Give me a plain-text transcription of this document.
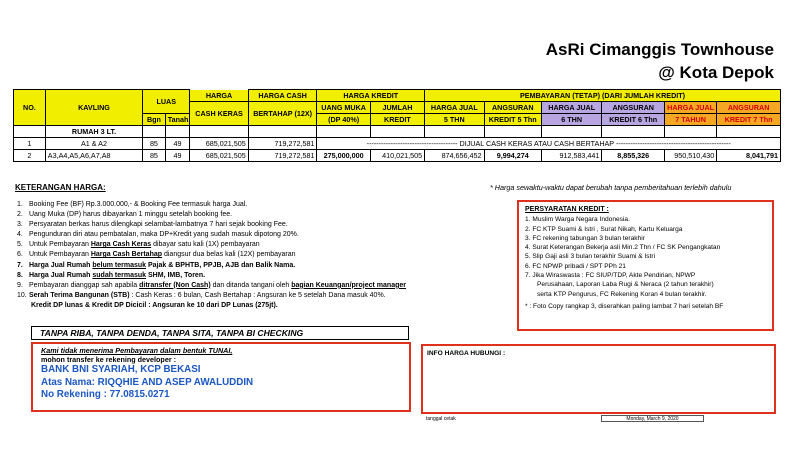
AsRi Cimanggis Townhouse
@ Kota Depok
NO.	KAVLING	LUAS		HARGA	HARGA CASH	HARGA KREDIT		PEMBAYARAN (TETAP) (DARI JUMLAH KREDIT)					
				CASH KERAS	BERTAHAP (12X)	UANG MUKA	JUMLAH	HARGA JUAL	ANGSURAN	HARGA JUAL	ANGSURAN	HARGA JUAL	ANGSURAN
		Bgn	Tanah			(DP 40%)	KREDIT	5 THN	KREDIT 5 Thn	6 THN	KREDIT 6 Thn	7 TAHUN	KREDIT 7 Thn
	RUMAH 3 LT.												
1	A1 & A2	85	49	685,021,505	719,272,581	-------------------------------------- DIJUAL CASH KERAS ATAU CASH BERTAHAP ------------------------------------------------							
2	A3,A4,A5,A6,A7,A8	85	49	685,021,505	719,272,581	275,000,000	410,021,505	874,656,452	9,994,274	912,583,441	8,855,326	950,510,430	8,041,791
KETERANGAN HARGA:	* Harga sewaktu-waktu dapat berubah tanpa pemberitahuan terlebih dahulu
1. Booking Fee (BF) Rp.3.000.000,- & Booking Fee termasuk harga Jual.
2. Uang Muka (DP) harus dibayarkan 1 minggu setelah booking fee.
3. Persyaratan berkas harus dilengkapi selambat-lambatnya 7 hari sejak booking Fee.
4. Pengunduran diri atau pembatalan, maka DP+Kredit yang sudah masuk dipotong 20%.
5. Untuk Pembayaran Harga Cash Keras dibayar satu kali (1X) pembayaran
6. Untuk Pembayaran Harga Cash Bertahap diangsur dua belas kali (12X) pembayaran
7. Harga Jual Rumah belum termasuk Pajak & BPHTB, PPJB, AJB dan Balik Nama.
8. Harga Jual Rumah sudah termasuk SHM, IMB, Toren.
9. Pembayaran dianggap sah apabila ditransfer (Non Cash) dan ditanda tangani oleh bagian Keuangan/project manager
10. Serah Terima Bangunan (STB) : Cash Keras : 6 bulan, Cash Bertahap : Angsuran ke 5 setelah Dana masuk 40%.
Kredit DP lunas & Kredit DP Dicicil : Angsuran ke 10 dari DP Lunas (275jt).
PERSYARATAN KREDIT :
1. Muslim Warga Negara Indonesia.
2. FC KTP Suami & Istri , Surat Nikah, Kartu Keluarga
3. FC rekening tabungan 3 bulan terakhir
4. Surat Keterangan Bekerja asli Min.2 Thn / FC SK Pengangkatan
5. Slip Gaji asli 3 bulan terakhir Suami & Istri
6. FC NPWP pribadi / SPT PPh 21
7. Jika Wiraswasta : FC SIUP/TDP, Akte Pendirian, NPWP
Perusahaan, Laporan Laba Rugi & Neraca (2 tahun terakhir)
serta KTP Pengurus, FC Rekening Koran 4 bulan terakhir.
* : Foto Copy rangkap 3, diserahkan paling lambat 7 hari setelah BF
TANPA RIBA, TANPA DENDA, TANPA SITA, TANPA BI CHECKING
Kami tidak menerima Pembayaran dalam bentuk TUNAI,
mohon transfer ke rekening developer :
BANK BNI SYARIAH, KCP BEKASI
Atas Nama: RIQQHIE AND ASEP AWALUDDIN
No Rekening : 77.0815.0271
INFO HARGA HUBUNGI :
tanggal cetak	Monday, March 9, 2020
